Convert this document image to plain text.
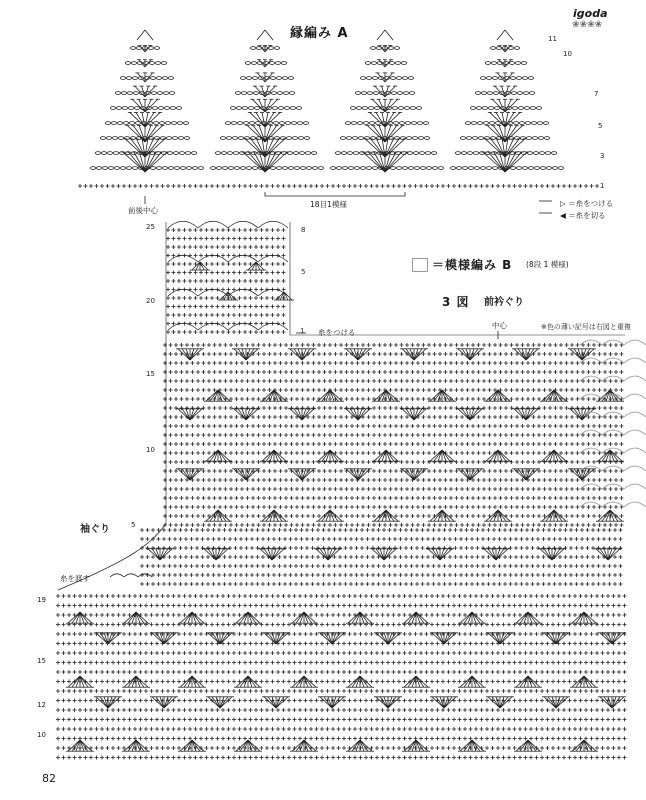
igoda
❀❀❀❀
縁編み A	11
10
7
5
3
1
18目1模様
前後中心
▷ ＝糸をつける
◀ ＝糸を切る
＝模様編み B (8段 1 模様)
3 図 前衿ぐり
中心	※色の薄い記号は右図と重複
8
5
1 糸をつける
25
20
15
10
5
袖ぐり
糸を渡す
19
15
12
10
82
